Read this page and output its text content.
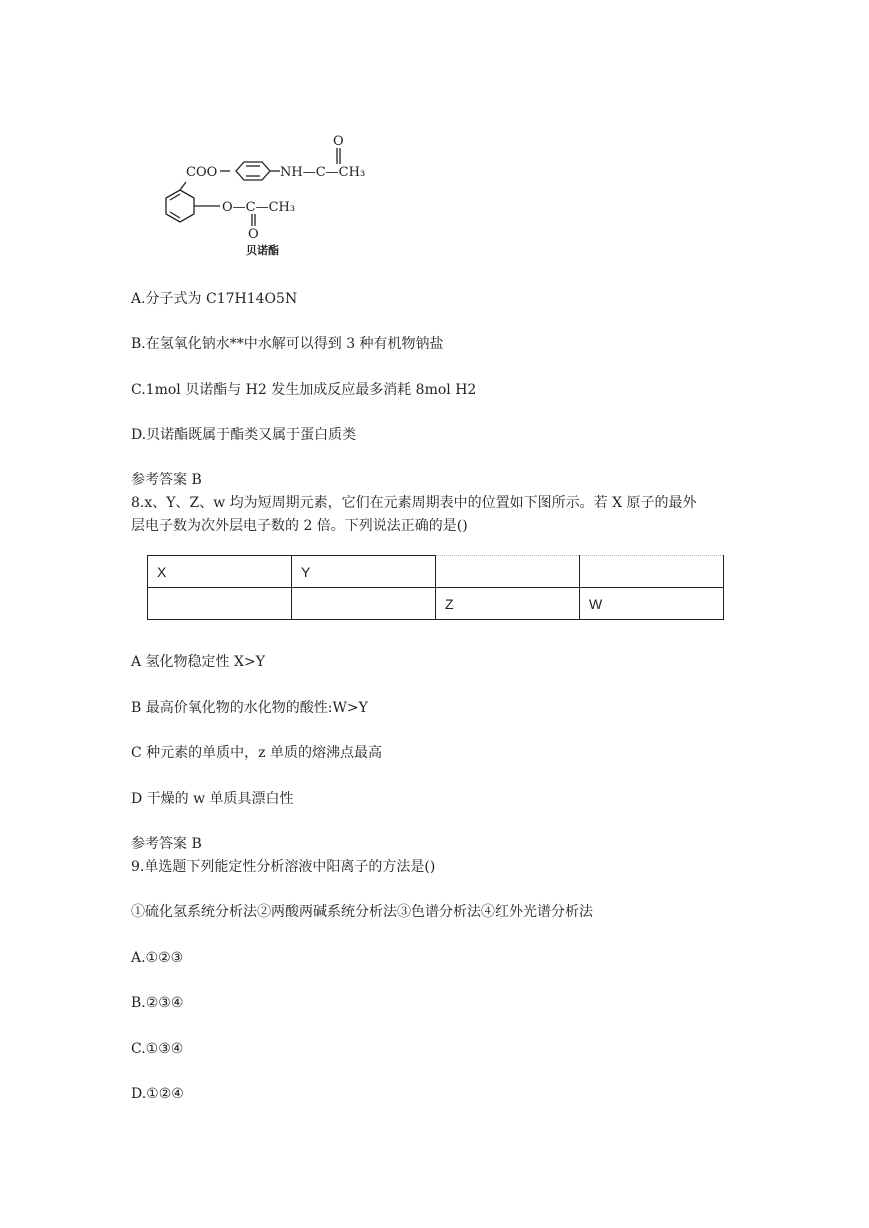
COO
O
NH—C—CH₃
O—C—CH₃
O
贝诺酯
A.分子式为 C17H14O5N
B.在氢氧化钠水**中水解可以得到 3 种有机物钠盐
C.1mol 贝诺酯与 H2 发生加成反应最多消耗 8mol H2
D.贝诺酯既属于酯类又属于蛋白质类
参考答案 B
8.x、Y、Z、w 均为短周期元素，它们在元素周期表中的位置如下图所示。若 X 原子的最外
层电子数为次外层电子数的 2 倍。下列说法正确的是()
X	Y		
		Z	W
A 氢化物稳定性 X>Y
B 最高价氧化物的水化物的酸性:W>Y
C 种元素的单质中，z 单质的熔沸点最高
D 干燥的 w 单质具漂白性
参考答案 B
9.单选题下列能定性分析溶液中阳离子的方法是()
①硫化氢系统分析法②两酸两碱系统分析法③色谱分析法④红外光谱分析法
A.①②③
B.②③④
C.①③④
D.①②④
